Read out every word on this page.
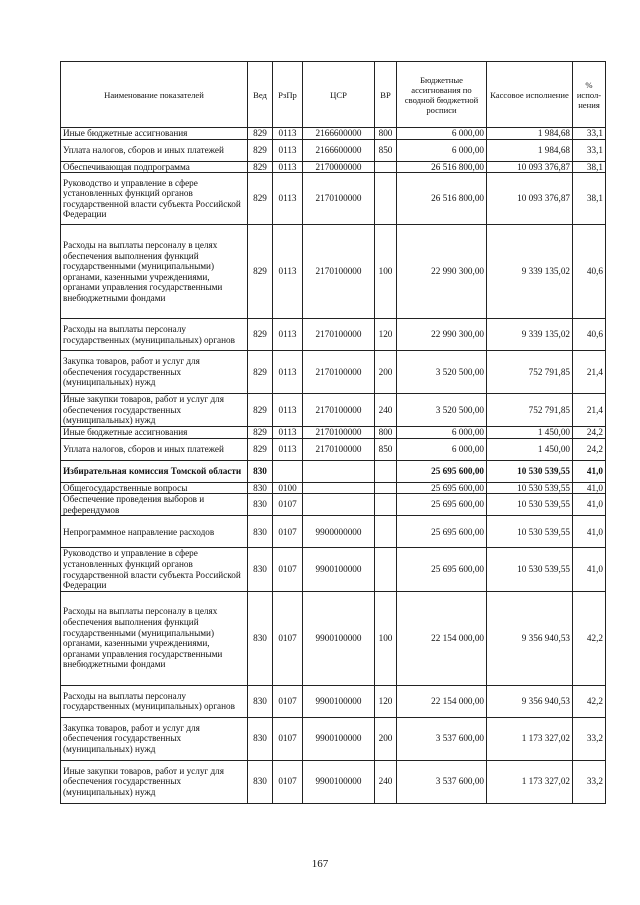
Наименование показателей	Вед	РзПр	ЦСР	ВР	Бюджетные ассигнования по сводной бюджетной росписи	Кассовое исполнение	% испол-нения
Иные бюджетные ассигнования	829	0113	2166600000	800	6 000,00	1 984,68	33,1
Уплата налогов, сборов и иных платежей	829	0113	2166600000	850	6 000,00	1 984,68	33,1
Обеспечивающая подпрограмма	829	0113	2170000000		26 516 800,00	10 093 376,87	38,1
Руководство и управление в сфере установленных функций органов государственной власти субъекта Российской Федерации	829	0113	2170100000		26 516 800,00	10 093 376,87	38,1
Расходы на выплаты персоналу в целях обеспечения выполнения функций государственными (муниципальными) органами, казенными учреждениями, органами управления государственными внебюджетными фондами	829	0113	2170100000	100	22 990 300,00	9 339 135,02	40,6
Расходы на выплаты персоналу государственных (муниципальных) органов	829	0113	2170100000	120	22 990 300,00	9 339 135,02	40,6
Закупка товаров, работ и услуг для обеспечения государственных (муниципальных) нужд	829	0113	2170100000	200	3 520 500,00	752 791,85	21,4
Иные закупки товаров, работ и услуг для обеспечения государственных (муниципальных) нужд	829	0113	2170100000	240	3 520 500,00	752 791,85	21,4
Иные бюджетные ассигнования	829	0113	2170100000	800	6 000,00	1 450,00	24,2
Уплата налогов, сборов и иных платежей	829	0113	2170100000	850	6 000,00	1 450,00	24,2
Избирательная комиссия Томской области	830				25 695 600,00	10 530 539,55	41,0
Общегосударственные вопросы	830	0100			25 695 600,00	10 530 539,55	41,0
Обеспечение проведения выборов и референдумов	830	0107			25 695 600,00	10 530 539,55	41,0
Непрограммное направление расходов	830	0107	9900000000		25 695 600,00	10 530 539,55	41,0
Руководство и управление в сфере установленных функций органов государственной власти субъекта Российской Федерации	830	0107	9900100000		25 695 600,00	10 530 539,55	41,0
Расходы на выплаты персоналу в целях обеспечения выполнения функций государственными (муниципальными) органами, казенными учреждениями, органами управления государственными внебюджетными фондами	830	0107	9900100000	100	22 154 000,00	9 356 940,53	42,2
Расходы на выплаты персоналу государственных (муниципальных) органов	830	0107	9900100000	120	22 154 000,00	9 356 940,53	42,2
Закупка товаров, работ и услуг для обеспечения государственных (муниципальных) нужд	830	0107	9900100000	200	3 537 600,00	1 173 327,02	33,2
Иные закупки товаров, работ и услуг для обеспечения государственных (муниципальных) нужд	830	0107	9900100000	240	3 537 600,00	1 173 327,02	33,2
167
